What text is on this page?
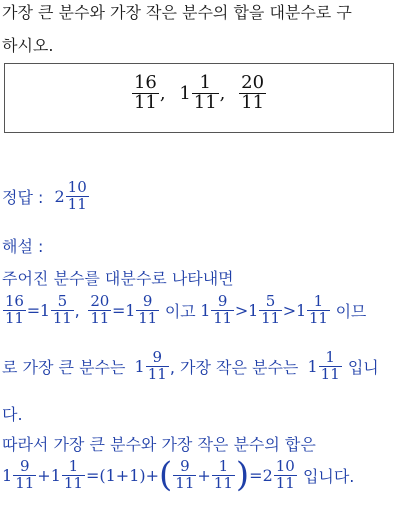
가장 큰 분수와 가장 작은 분수의 합을 대분수로 구
하시오.
$\frac{16}{11}$ , $1 \frac{1}{11}$ , $\frac{20}{11}$
정답 : $2 \frac{10}{11}$
해설 :
주어진 분수를 대분수로 나타내면
$\frac{16}{11} =1 \frac{5}{11}$ , $\frac{20}{11} =1 \frac{9}{11}$ 이고 $1 \frac{9}{11} >1 \frac{5}{11} >1 \frac{1}{11}$ 이므
로 가장 큰 분수는 $1 \frac{9}{11}$ , 가장 작은 분수는 $1 \frac{1}{11}$ 입니
다.
따라서 가장 큰 분수와 가장 작은 분수의 합은
$1 \frac{9}{11} +1 \frac{1}{11} =(1+1)+( \frac{9}{11} + \frac{1}{11} )=2 \frac{10}{11}$ 입니다.
